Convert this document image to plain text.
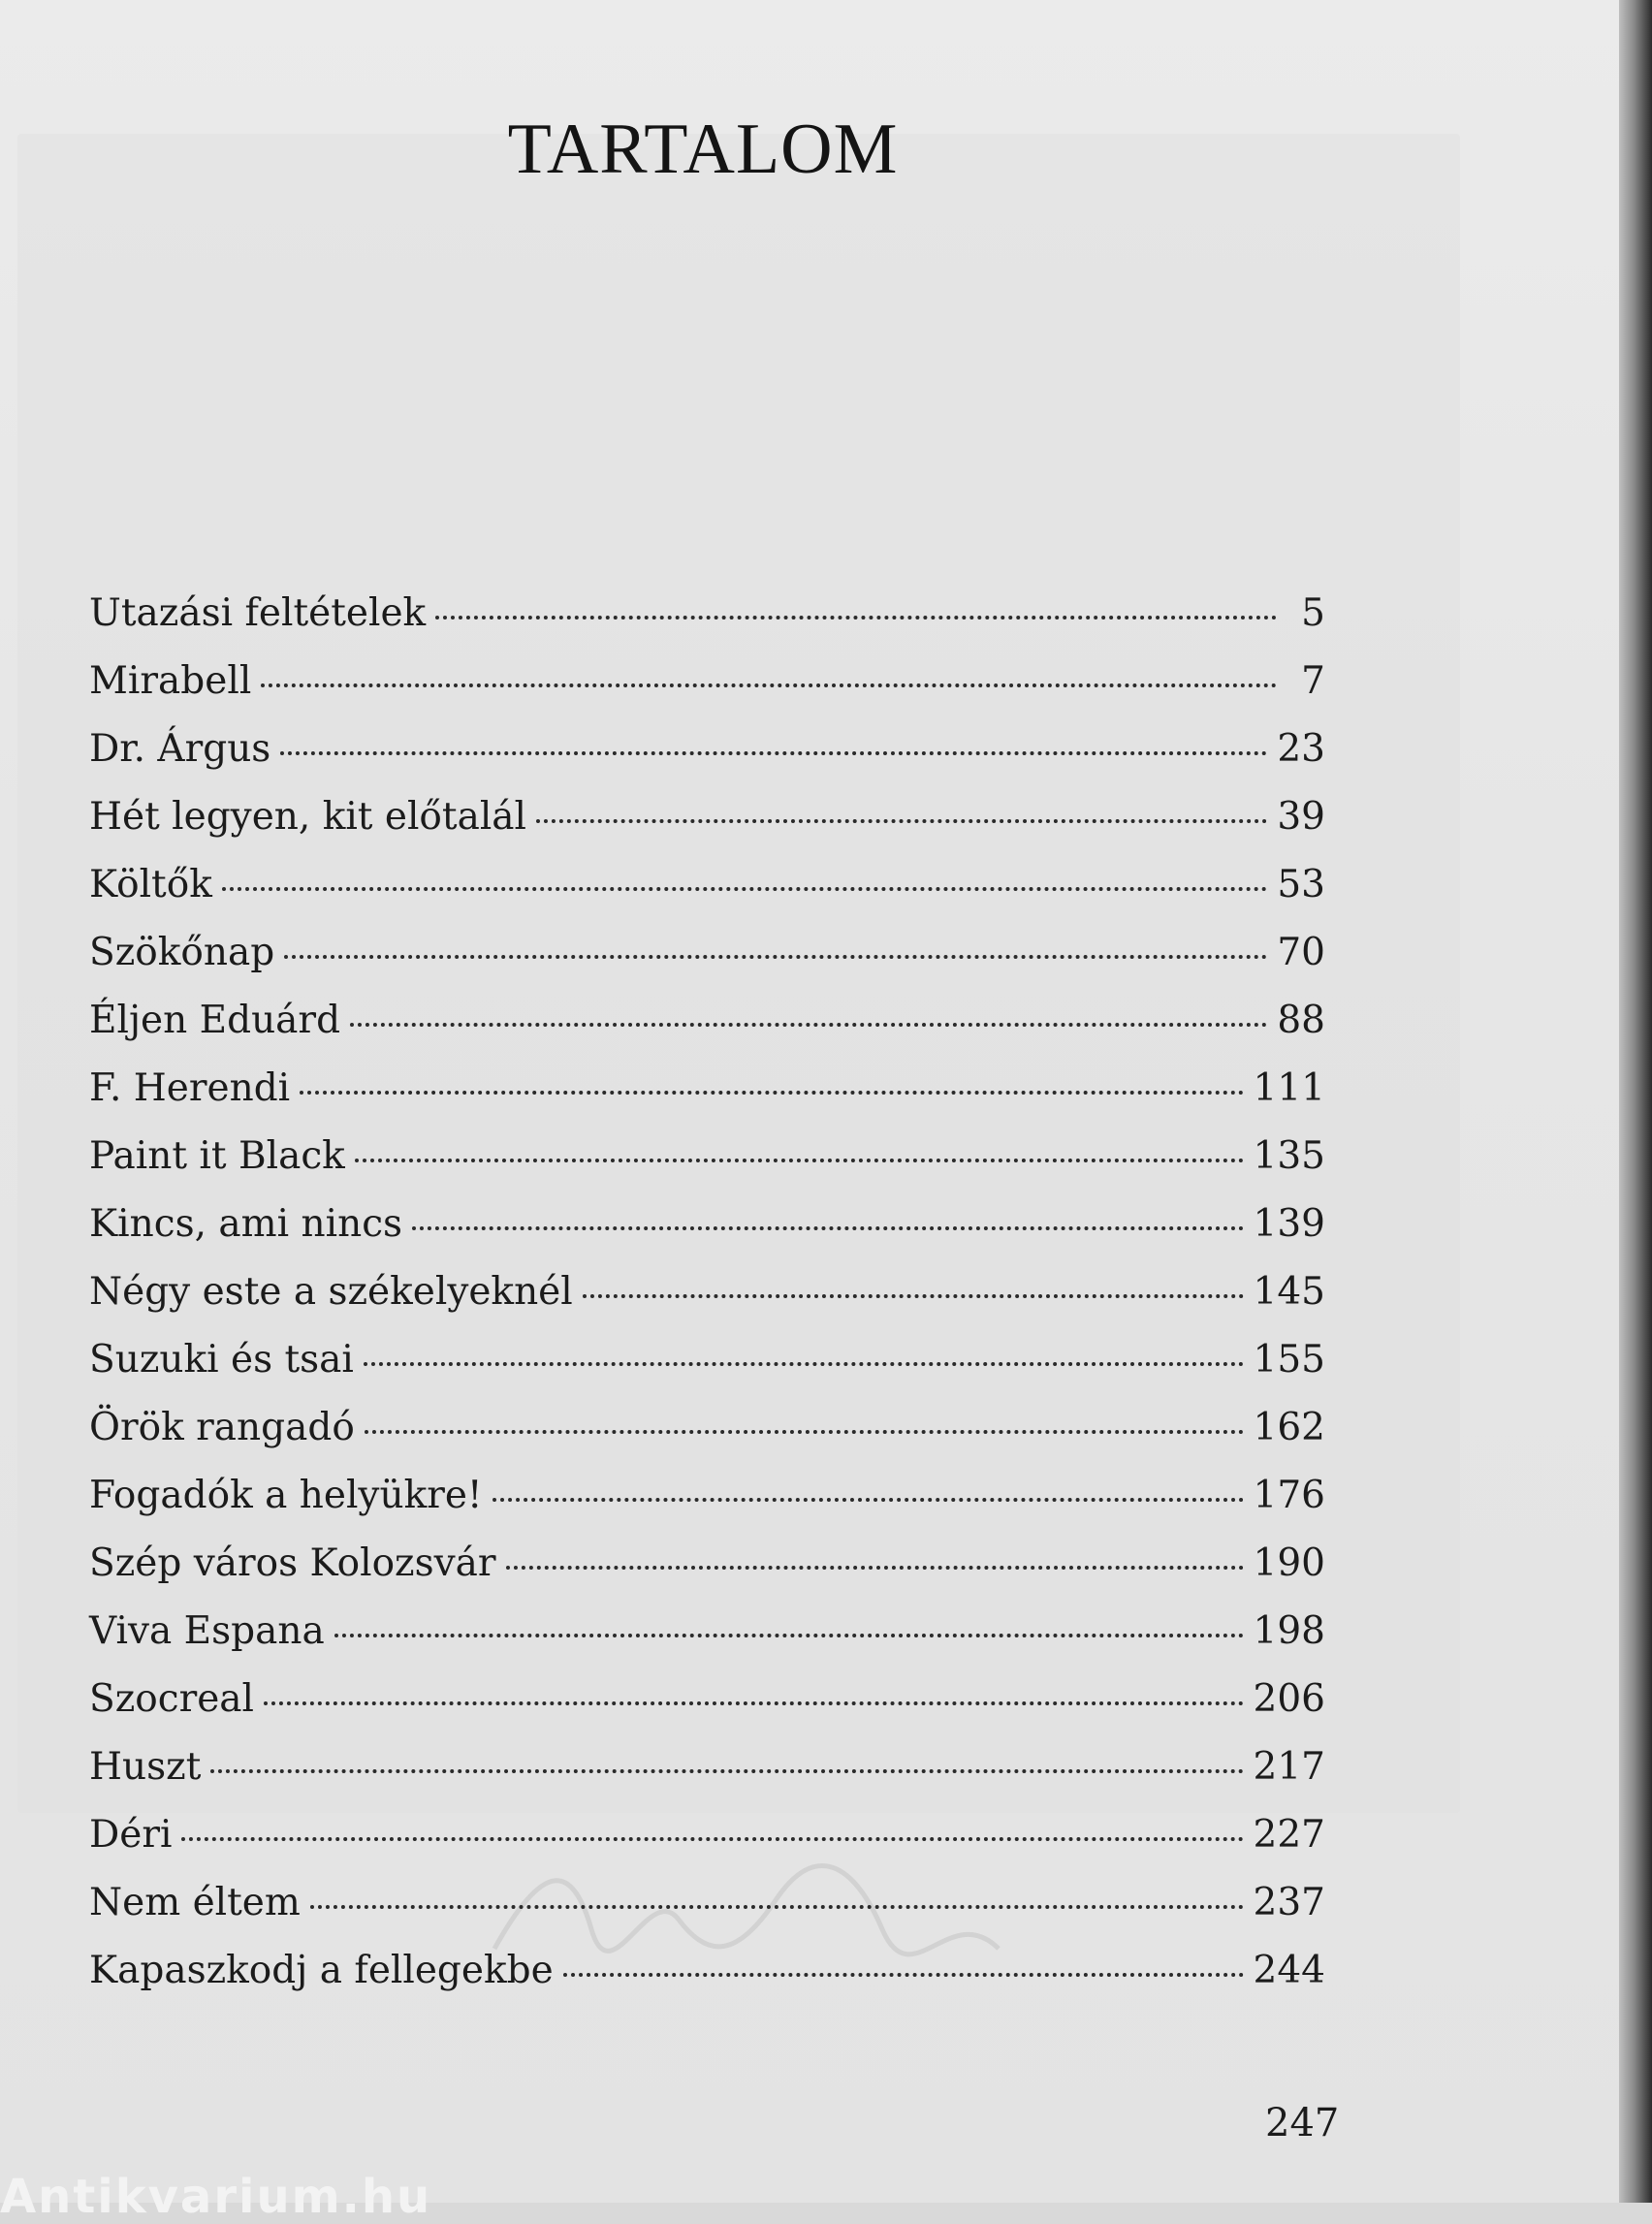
TARTALOM
Utazási feltételek	5
Mirabell	7
Dr. Árgus	23
Hét legyen, kit előtalál	39
Költők	53
Szökőnap	70
Éljen Eduárd	88
F. Herendi	111
Paint it Black	135
Kincs, ami nincs	139
Négy este a székelyeknél	145
Suzuki és tsai	155
Örök rangadó	162
Fogadók a helyükre!	176
Szép város Kolozsvár	190
Viva Espana	198
Szocreal	206
Huszt	217
Déri	227
Nem éltem	237
Kapaszkodj a fellegekbe	244

247
Antikvarium.hu
